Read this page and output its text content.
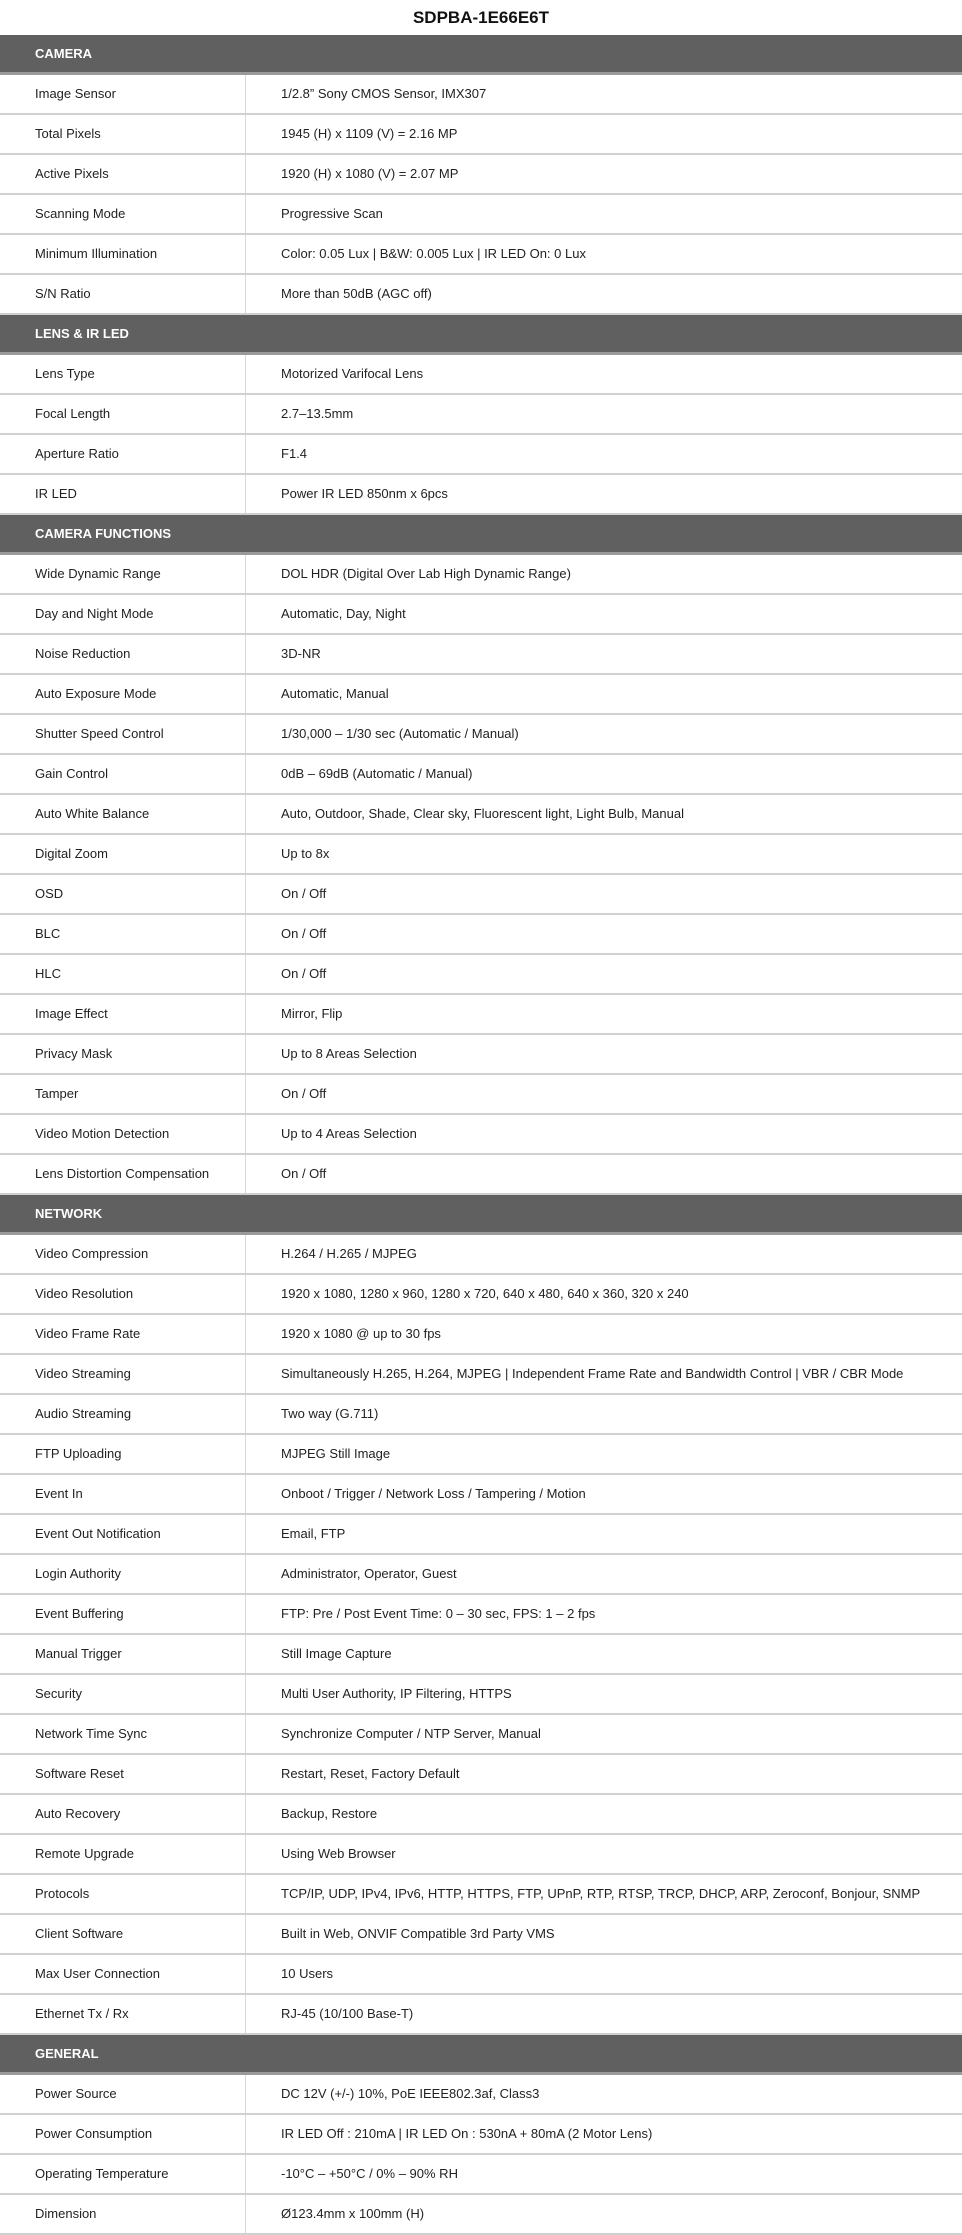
SDPBA-1E66E6T
CAMERA
Image Sensor	1/2.8” Sony CMOS Sensor, IMX307
Total Pixels	1945 (H) x 1109 (V) = 2.16 MP
Active Pixels	1920 (H) x 1080 (V) = 2.07 MP
Scanning Mode	Progressive Scan
Minimum Illumination	Color: 0.05 Lux | B&W: 0.005 Lux | IR LED On: 0 Lux
S/N Ratio	More than 50dB (AGC off)
LENS & IR LED
Lens Type	Motorized Varifocal Lens
Focal Length	2.7–13.5mm
Aperture Ratio	F1.4
IR LED	Power IR LED 850nm x 6pcs
CAMERA FUNCTIONS
Wide Dynamic Range	DOL HDR (Digital Over Lab High Dynamic Range)
Day and Night Mode	Automatic, Day, Night
Noise Reduction	3D-NR
Auto Exposure Mode	Automatic, Manual
Shutter Speed Control	1/30,000 – 1/30 sec (Automatic / Manual)
Gain Control	0dB – 69dB (Automatic / Manual)
Auto White Balance	Auto, Outdoor, Shade, Clear sky, Fluorescent light, Light Bulb, Manual
Digital Zoom	Up to 8x
OSD	On / Off
BLC	On / Off
HLC	On / Off
Image Effect	Mirror, Flip
Privacy Mask	Up to 8 Areas Selection
Tamper	On / Off
Video Motion Detection	Up to 4 Areas Selection
Lens Distortion Compensation	On / Off
NETWORK
Video Compression	H.264 / H.265 / MJPEG
Video Resolution	1920 x 1080, 1280 x 960, 1280 x 720, 640 x 480, 640 x 360, 320 x 240
Video Frame Rate	1920 x 1080 @ up to 30 fps
Video Streaming	Simultaneously H.265, H.264, MJPEG | Independent Frame Rate and Bandwidth Control | VBR / CBR Mode
Audio Streaming	Two way (G.711)
FTP Uploading	MJPEG Still Image
Event In	Onboot / Trigger / Network Loss / Tampering / Motion
Event Out Notification	Email, FTP
Login Authority	Administrator, Operator, Guest
Event Buffering	FTP: Pre / Post Event Time: 0 – 30 sec, FPS: 1 – 2 fps
Manual Trigger	Still Image Capture
Security	Multi User Authority, IP Filtering, HTTPS
Network Time Sync	Synchronize Computer / NTP Server, Manual
Software Reset	Restart, Reset, Factory Default
Auto Recovery	Backup, Restore
Remote Upgrade	Using Web Browser
Protocols	TCP/IP, UDP, IPv4, IPv6, HTTP, HTTPS, FTP, UPnP, RTP, RTSP, TRCP, DHCP, ARP, Zeroconf, Bonjour, SNMP
Client Software	Built in Web, ONVIF Compatible 3rd Party VMS
Max User Connection	10 Users
Ethernet Tx / Rx	RJ-45 (10/100 Base-T)
GENERAL
Power Source	DC 12V (+/-) 10%, PoE IEEE802.3af, Class3
Power Consumption	IR LED Off : 210mA | IR LED On : 530nA + 80mA (2 Motor Lens)
Operating Temperature	-10°C – +50°C / 0% – 90% RH
Dimension	Ø123.4mm x 100mm (H)
